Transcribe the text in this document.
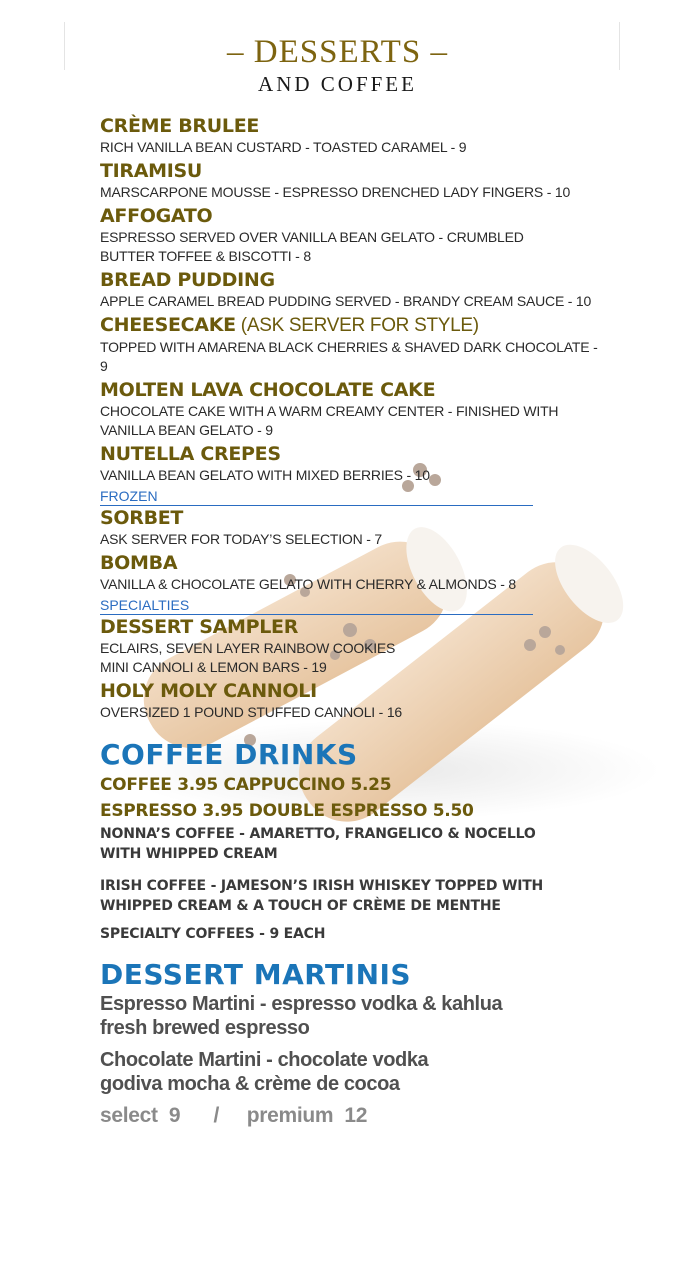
– DESSERTS –
AND COFFEE
CRÈME BRULEE
RICH VANILLA BEAN CUSTARD - TOASTED CARAMEL - 9
TIRAMISU
MARSCARPONE MOUSSE - ESPRESSO DRENCHED LADY FINGERS - 10
AFFOGATO
ESPRESSO SERVED OVER VANILLA BEAN GELATO - CRUMBLED BUTTER TOFFEE & BISCOTTI - 8
BREAD PUDDING
APPLE CARAMEL BREAD PUDDING SERVED - BRANDY CREAM SAUCE - 10
CHEESECAKE (ASK SERVER FOR STYLE)
TOPPED WITH AMARENA BLACK CHERRIES & SHAVED DARK CHOCOLATE - 9
MOLTEN LAVA CHOCOLATE CAKE
CHOCOLATE CAKE WITH A WARM CREAMY CENTER - FINISHED WITH VANILLA BEAN GELATO - 9
NUTELLA CREPES
VANILLA BEAN GELATO WITH MIXED BERRIES - 10
FROZEN
SORBET
ASK SERVER FOR TODAY’S SELECTION - 7
BOMBA
VANILLA & CHOCOLATE GELATO WITH CHERRY & ALMONDS - 8
SPECIALTIES
DESSERT SAMPLER
ECLAIRS, SEVEN LAYER RAINBOW COOKIES MINI CANNOLI & LEMON BARS - 19
HOLY MOLY CANNOLI
OVERSIZED 1 POUND STUFFED CANNOLI - 16
COFFEE DRINKS
COFFEE 3.95 CAPPUCCINO 5.25
ESPRESSO 3.95 DOUBLE ESPRESSO 5.50
NONNA’S COFFEE - AMARETTO, FRANGELICO & NOCELLO WITH WHIPPED CREAM
IRISH COFFEE - JAMESON’S IRISH WHISKEY TOPPED WITH WHIPPED CREAM & A TOUCH OF CRÈME DE MENTHE
SPECIALTY COFFEES - 9 EACH
DESSERT MARTINIS
Espresso Martini - espresso vodka & kahlua
fresh brewed espresso
Chocolate Martini - chocolate vodka
godiva mocha & crème de cocoa
select  9 / premium  12
